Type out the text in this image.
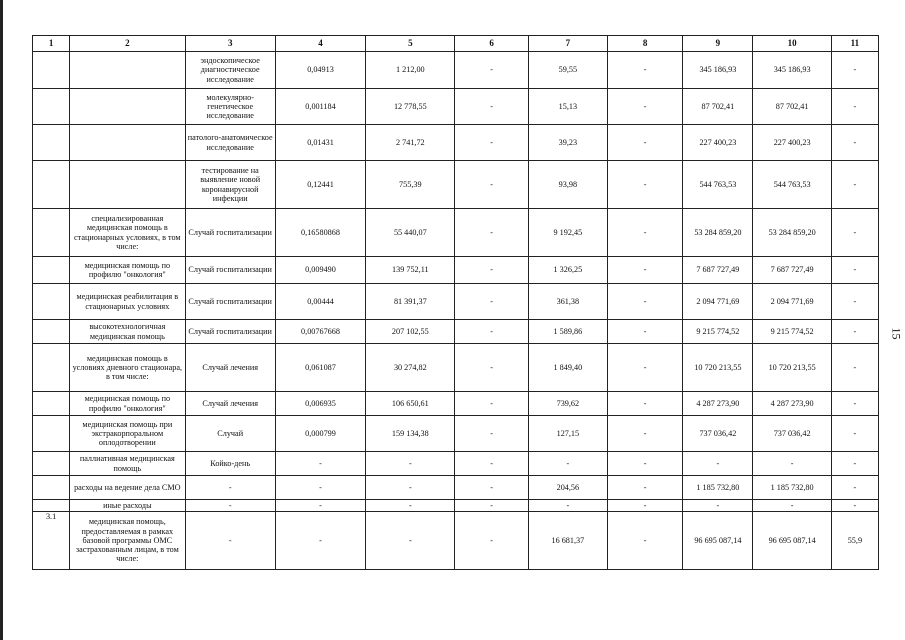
1	2	3	4	5	6	7	8	9	10	11
		эндоскопическое диагностическое исследование	0,04913	1 212,00	-	59,55	-	345 186,93	345 186,93	-
		молекулярно-генетическое исследование	0,001184	12 778,55	-	15,13	-	87 702,41	87 702,41	-
		патолого-анатомическое исследование	0,01431	2 741,72	-	39,23	-	227 400,23	227 400,23	-
		тестирование на выявление новой коронавирусной инфекции	0,12441	755,39	-	93,98	-	544 763,53	544 763,53	-
	специализированная медицинская помощь в стационарных условиях, в том числе:	Случай госпитализации	0,16580868	55 440,07	-	9 192,45	-	53 284 859,20	53 284 859,20	-
	медицинская помощь по профилю "онкология"	Случай госпитализации	0,009490	139 752,11	-	1 326,25	-	7 687 727,49	7 687 727,49	-
	медицинская реабилитация в стационарных условиях	Случай госпитализации	0,00444	81 391,37	-	361,38	-	2 094 771,69	2 094 771,69	-
	высокотехнологичная медицинская помощь	Случай госпитализации	0,00767668	207 102,55	-	1 589,86	-	9 215 774,52	9 215 774,52	-
	медицинская помощь в условиях дневного стационара, в том числе:	Случай лечения	0,061087	30 274,82	-	1 849,40	-	10 720 213,55	10 720 213,55	-
	медицинская помощь по профилю "онкология"	Случай лечения	0,006935	106 650,61	-	739,62	-	4 287 273,90	4 287 273,90	-
	медицинская помощь при экстракорпоральном оплодотворении	Случай	0,000799	159 134,38	-	127,15	-	737 036,42	737 036,42	-
	паллиативная медицинская помощь	Койко-день	-	-	-	-	-	-	-	-
	расходы на ведение дела СМО	-	-	-	-	204,56	-	1 185 732,80	1 185 732,80	-
	иные расходы	-	-	-	-	-	-	-	-	-
3.1	медицинская помощь, предоставляемая в рамках базовой программы ОМС застрахованным лицам, в том числе:	-	-	-	-	16 681,37	-	96 695 087,14	96 695 087,14	55,9
15
